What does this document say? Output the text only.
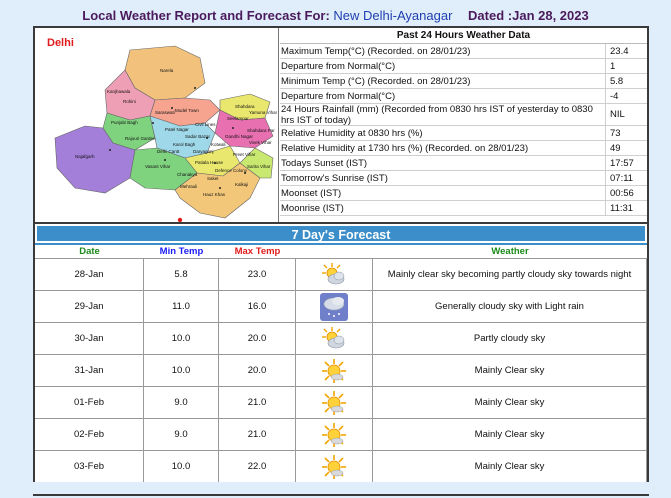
Local Weather Report and Forecast For: New Delhi-Ayanagar Dated :Jan 28, 2023
Narela
Rohini
Model Town
Punjabi Bagh	Civil Lines
Shahdara
Patel Nagar
Kotwali
Delhi Cantt
Patiala House
Vasant Vihar
Preet Vihar
Saket
Hauz Khas
Kalkaji
Rajouri Garden
Mehrauli
Najafgarh
Kanjhawala
Sadar Bazar
Daryaganj
Karol Bagh
Seelampur
Shahdara Par
Gandhi Nagar
Vivek Vihar
Yamuna Vihar
Sarita Vihar
Defence Colony
Saraswati
Chanakya
Delhi
Past 24 Hours Weather Data
Maximum Temp(°C) (Recorded. on 28/01/23)	23.4
Departure from Normal(°C)	1
Minimum Temp (°C) (Recorded. on 28/01/23)	5.8
Departure from Normal(°C)	-4
24 Hours Rainfall (mm) (Recorded from 0830 hrs IST of yesterday to 0830 hrs IST of today)	NIL
Relative Humidity at 0830 hrs (%)	73
Relative Humidity at 1730 hrs (%) (Recorded. on 28/01/23)	49
Todays Sunset (IST)	17:57
Tomorrow's Sunrise (IST)	07:11
Moonset (IST)	00:56
Moonrise (IST)	11:31
7 Day's Forecast
Date	Min Temp	Max Temp	Weather
28-Jan	5.8	23.0	Mainly clear sky becoming partly cloudy sky towards night
29-Jan	11.0	16.0	Generally cloudy sky with Light rain
30-Jan	10.0	20.0	Partly cloudy sky
31-Jan	10.0	20.0	Mainly Clear sky
01-Feb	9.0	21.0	Mainly Clear sky
02-Feb	9.0	21.0	Mainly Clear sky
03-Feb	10.0	22.0	Mainly Clear sky
